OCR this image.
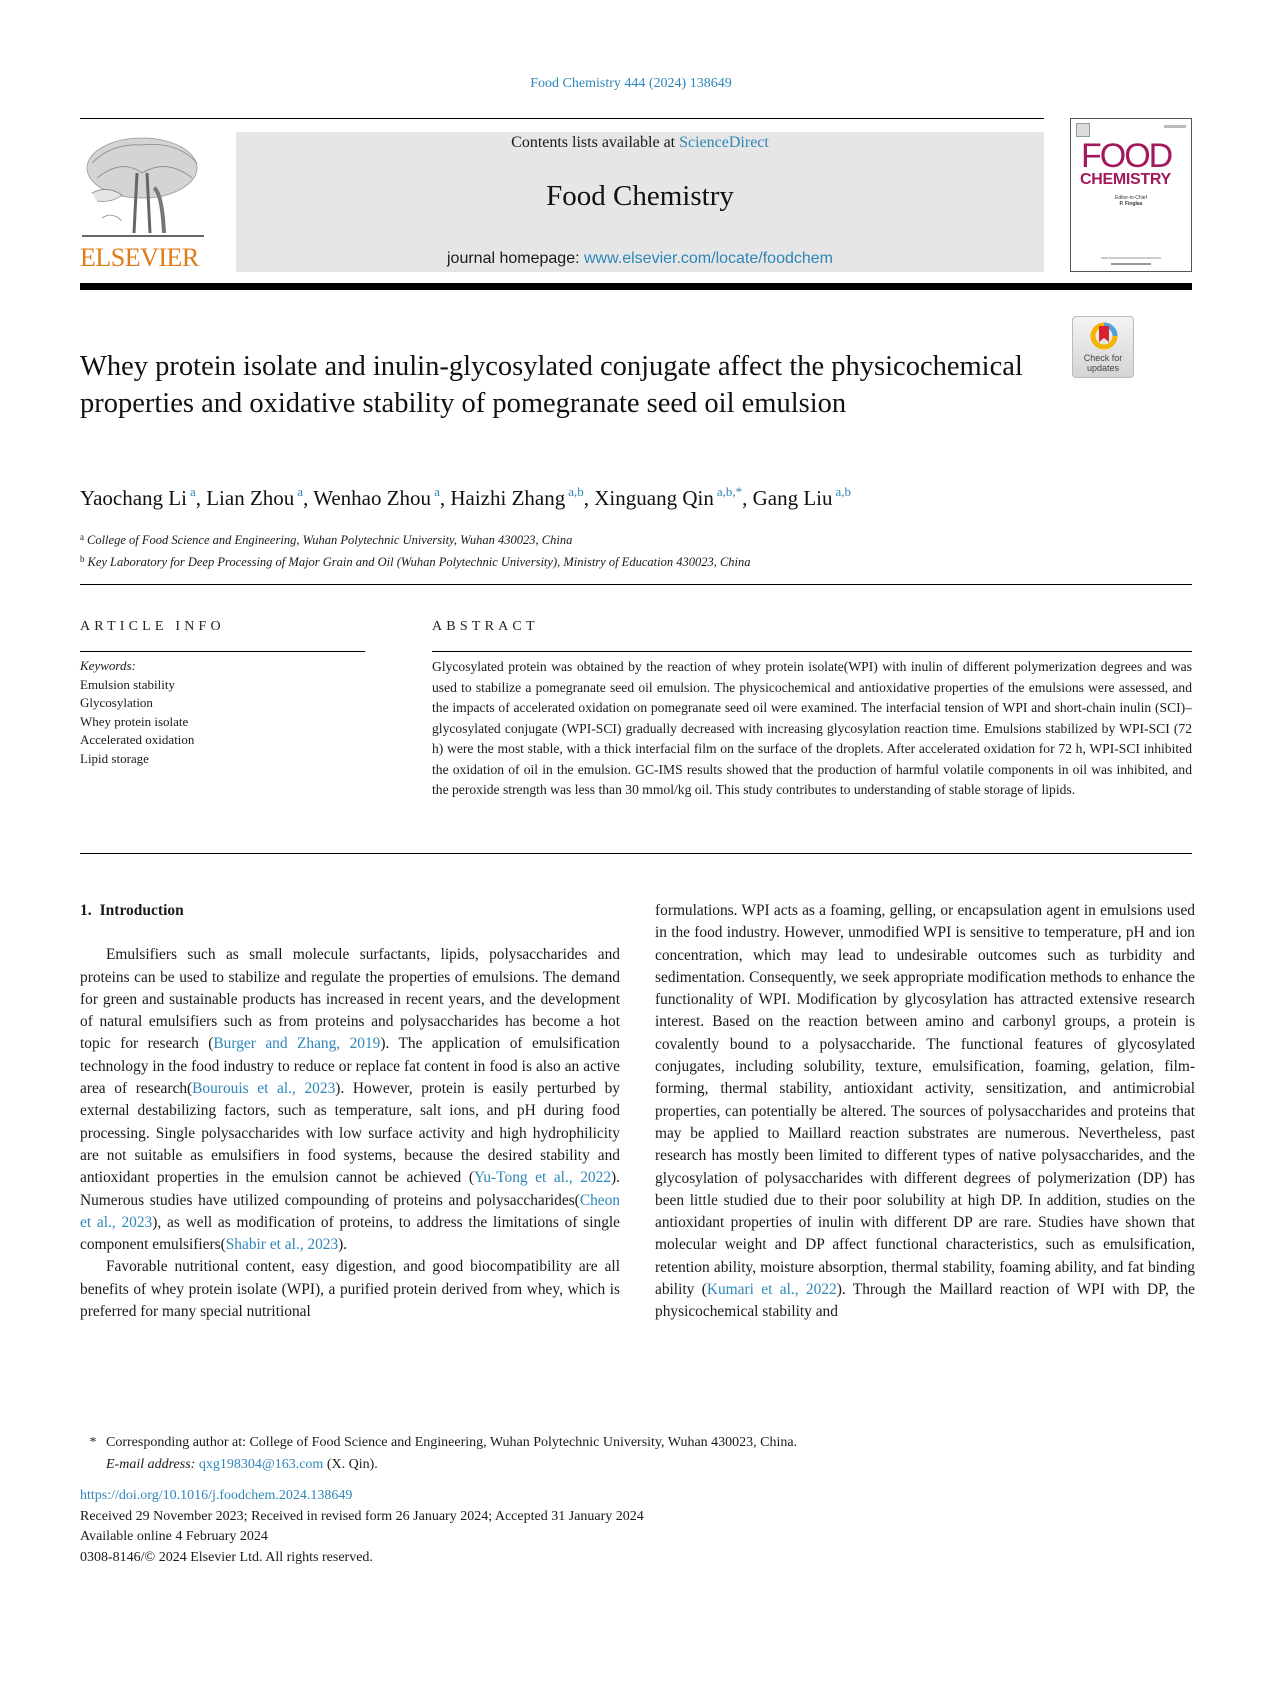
Food Chemistry 444 (2024) 138649
ELSEVIER
Contents lists available at ScienceDirect
Food Chemistry
journal homepage: www.elsevier.com/locate/foodchem
FOOD
CHEMISTRY
Editor-in-Chief
P. Finglas
Check for
updates
Whey protein isolate and inulin-glycosylated conjugate affect the physicochemical properties and oxidative stability of pomegranate seed oil emulsion
Yaochang Li $^a$, Lian Zhou $^a$, Wenhao Zhou $^a$, Haizhi Zhang $^{a,b}$, Xinguang Qin $^{a,b,*}$, Gang Liu $^{a,b}$
$^a$ College of Food Science and Engineering, Wuhan Polytechnic University, Wuhan 430023, China
$^b$ Key Laboratory for Deep Processing of Major Grain and Oil (Wuhan Polytechnic University), Ministry of Education 430023, China
ARTICLE INFO	ABSTRACT
Keywords:
Emulsion stability
Glycosylation
Whey protein isolate
Accelerated oxidation
Lipid storage

Glycosylated protein was obtained by the reaction of whey protein isolate(WPI) with inulin of different polymerization degrees and was used to stabilize a pomegranate seed oil emulsion. The physicochemical and antioxidative properties of the emulsions were assessed, and the impacts of accelerated oxidation on pomegranate seed oil were examined. The interfacial tension of WPI and short-chain inulin (SCI)–glycosylated conjugate (WPI-SCI) gradually decreased with increasing glycosylation reaction time. Emulsions stabilized by WPI-SCI (72 h) were the most stable, with a thick interfacial film on the surface of the droplets. After accelerated oxidation for 72 h, WPI-SCI inhibited the oxidation of oil in the emulsion. GC-IMS results showed that the production of harmful volatile components in oil was inhibited, and the peroxide strength was less than 30 mmol/kg oil. This study contributes to understanding of stable storage of lipids.

1. Introduction

Emulsifiers such as small molecule surfactants, lipids, polysaccharides and proteins can be used to stabilize and regulate the properties of emulsions. The demand for green and sustainable products has increased in recent years, and the development of natural emulsifiers such as from proteins and polysaccharides has become a hot topic for research (Burger and Zhang, 2019). The application of emulsification technology in the food industry to reduce or replace fat content in food is also an active area of research(Bourouis et al., 2023). However, protein is easily perturbed by external destabilizing factors, such as temperature, salt ions, and pH during food processing. Single polysaccharides with low surface activity and high hydrophilicity are not suitable as emulsifiers in food systems, because the desired stability and antioxidant properties in the emulsion cannot be achieved (Yu-Tong et al., 2022). Numerous studies have utilized compounding of proteins and polysaccharides(Cheon et al., 2023), as well as modification of proteins, to address the limitations of single component emulsifiers(Shabir et al., 2023).

Favorable nutritional content, easy digestion, and good biocompatibility are all benefits of whey protein isolate (WPI), a purified protein derived from whey, which is preferred for many special nutritional

formulations. WPI acts as a foaming, gelling, or encapsulation agent in emulsions used in the food industry. However, unmodified WPI is sensitive to temperature, pH and ion concentration, which may lead to undesirable outcomes such as turbidity and sedimentation. Consequently, we seek appropriate modification methods to enhance the functionality of WPI. Modification by glycosylation has attracted extensive research interest. Based on the reaction between amino and carbonyl groups, a protein is covalently bound to a polysaccharide. The functional features of glycosylated conjugates, including solubility, texture, emulsification, foaming, gelation, film-forming, thermal stability, antioxidant activity, sensitization, and antimicrobial properties, can potentially be altered. The sources of polysaccharides and proteins that may be applied to Maillard reaction substrates are numerous. Nevertheless, past research has mostly been limited to different types of native polysaccharides, and the glycosylation of polysaccharides with different degrees of polymerization (DP) has been little studied due to their poor solubility at high DP. In addition, studies on the antioxidant properties of inulin with different DP are rare. Studies have shown that molecular weight and DP affect functional characteristics, such as emulsification, retention ability, moisture absorption, thermal stability, foaming ability, and fat binding ability (Kumari et al., 2022). Through the Maillard reaction of WPI with DP, the physicochemical stability and

* Corresponding author at: College of Food Science and Engineering, Wuhan Polytechnic University, Wuhan 430023, China.
E-mail address: qxg198304@163.com (X. Qin).
https://doi.org/10.1016/j.foodchem.2024.138649
Received 29 November 2023; Received in revised form 26 January 2024; Accepted 31 January 2024
Available online 4 February 2024
0308-8146/© 2024 Elsevier Ltd. All rights reserved.
